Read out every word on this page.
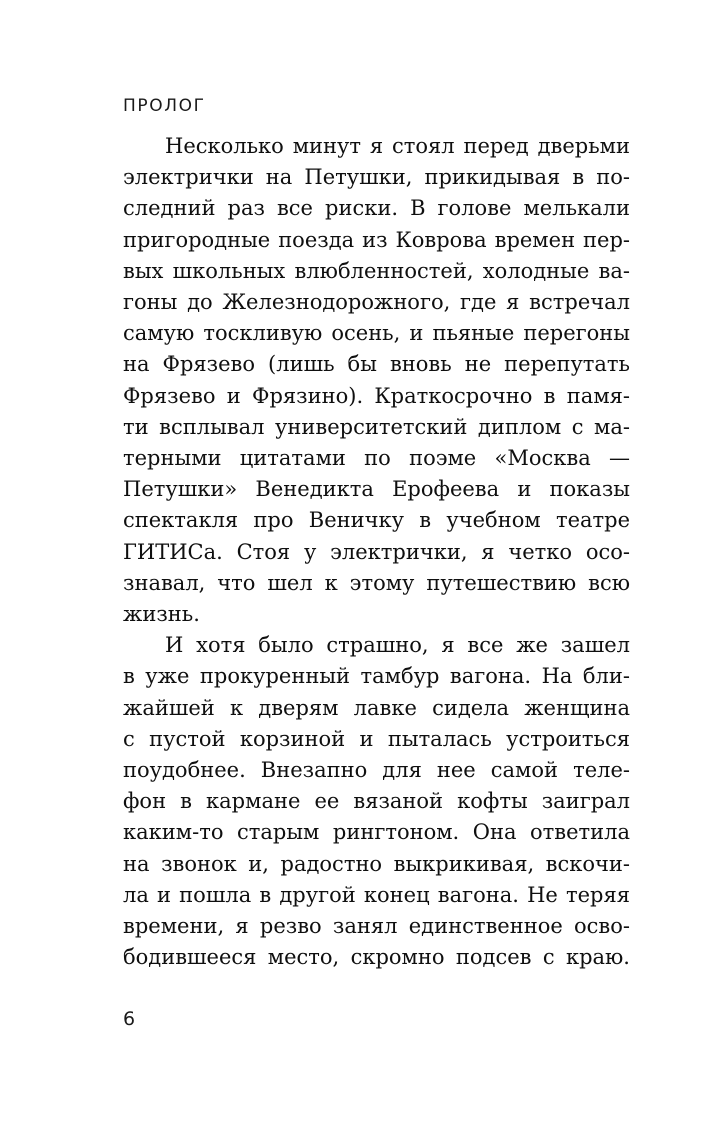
ПРОЛОГ
Несколько минут я стоял перед дверьми
электрички на Петушки, прикидывая в по-
следний раз все риски. В голове мелькали
пригородные поезда из Коврова времен пер-
вых школьных влюбленностей, холодные ва-
гоны до Железнодорожного, где я встречал
самую тоскливую осень, и пьяные перегоны
на Фрязево (лишь бы вновь не перепутать
Фрязево и Фрязино). Краткосрочно в памя-
ти всплывал университетский диплом с ма-
терными цитатами по поэме «Москва —
Петушки» Венедикта Ерофеева и показы
спектакля про Веничку в учебном театре
ГИТИСа. Стоя у электрички, я четко осо-
знавал, что шел к этому путешествию всю
жизнь.
И хотя было страшно, я все же зашел
в уже прокуренный тамбур вагона. На бли-
жайшей к дверям лавке сидела женщина
с пустой корзиной и пыталась устроиться
поудобнее. Внезапно для нее самой теле-
фон в кармане ее вязаной кофты заиграл
каким-то старым рингтоном. Она ответила
на звонок и, радостно выкрикивая, вскочи-
ла и пошла в другой конец вагона. Не теряя
времени, я резво занял единственное осво-
бодившееся место, скромно подсев с краю.
6
